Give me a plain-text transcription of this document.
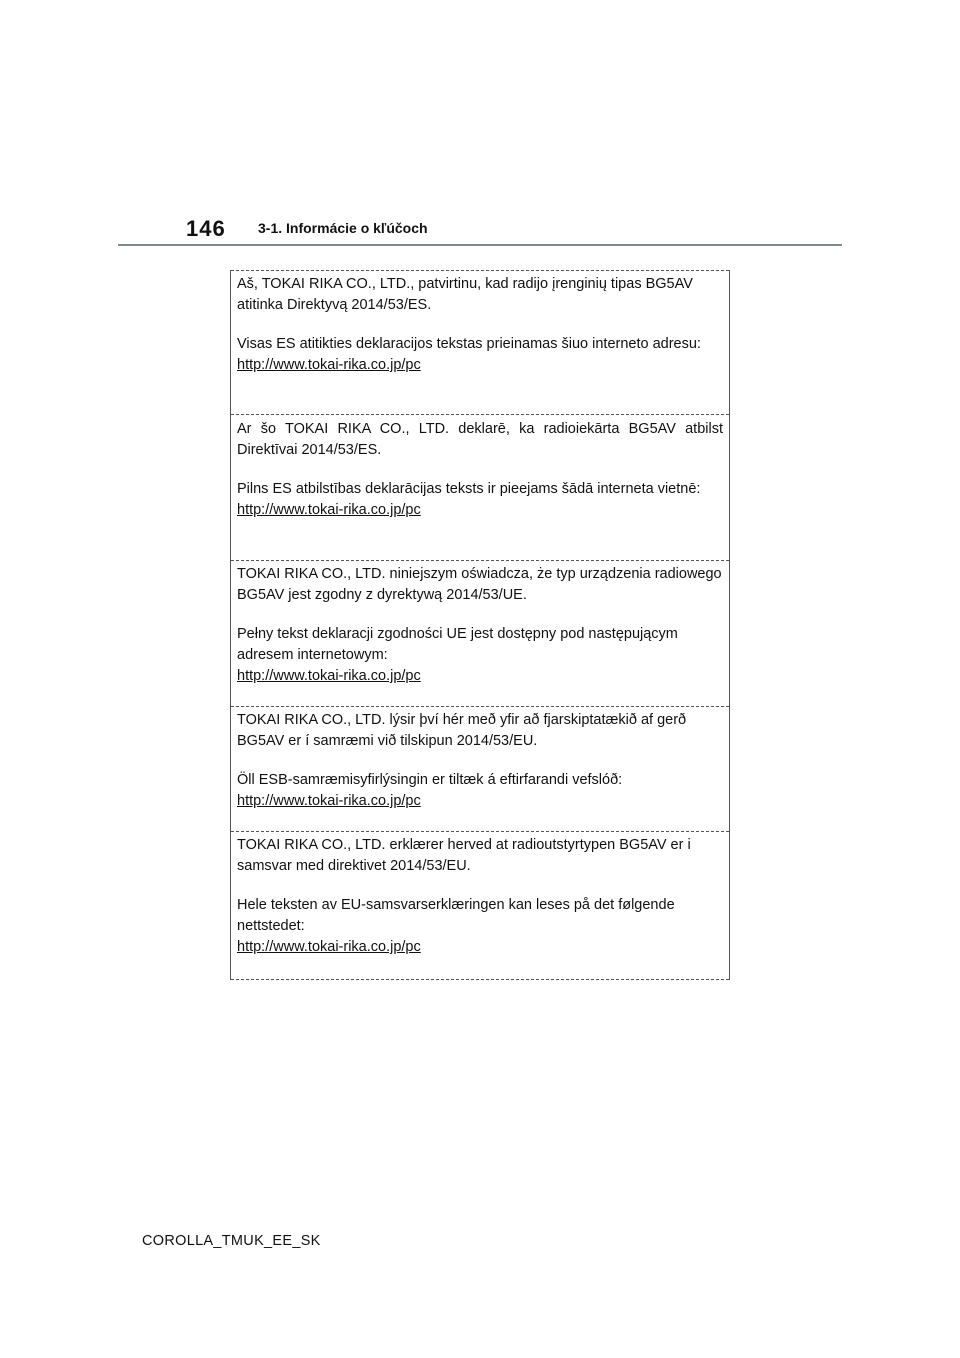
146 3-1. Informácie o kľúčoch

Aš, TOKAI RIKA CO., LTD., patvirtinu, kad radijo įrenginių tipas BG5AV atitinka Direktyvą 2014/53/ES.

Visas ES atitikties deklaracijos tekstas prieinamas šiuo interneto adresu:

http://www.tokai-rika.co.jp/pc

Ar šo TOKAI RIKA CO., LTD. deklarē, ka radioiekārta BG5AV atbilst Direktīvai 2014/53/ES.

Pilns ES atbilstības deklarācijas teksts ir pieejams šādā interneta vietnē:

http://www.tokai-rika.co.jp/pc

TOKAI RIKA CO., LTD. niniejszym oświadcza, że typ urządzenia radiowego BG5AV jest zgodny z dyrektywą 2014/53/UE.

Pełny tekst deklaracji zgodności UE jest dostępny pod następującym adresem internetowym:

http://www.tokai-rika.co.jp/pc

TOKAI RIKA CO., LTD. lýsir því hér með yfir að fjarskiptatækið af gerð BG5AV er í samræmi við tilskipun 2014/53/EU.

Öll ESB-samræmisyfirlýsingin er tiltæk á eftirfarandi vefslóð:

http://www.tokai-rika.co.jp/pc

TOKAI RIKA CO., LTD. erklærer herved at radioutstyrtypen BG5AV er i samsvar med direktivet 2014/53/EU.

Hele teksten av EU-samsvarserklæringen kan leses på det følgende nettstedet:

http://www.tokai-rika.co.jp/pc
COROLLA_TMUK_EE_SK
